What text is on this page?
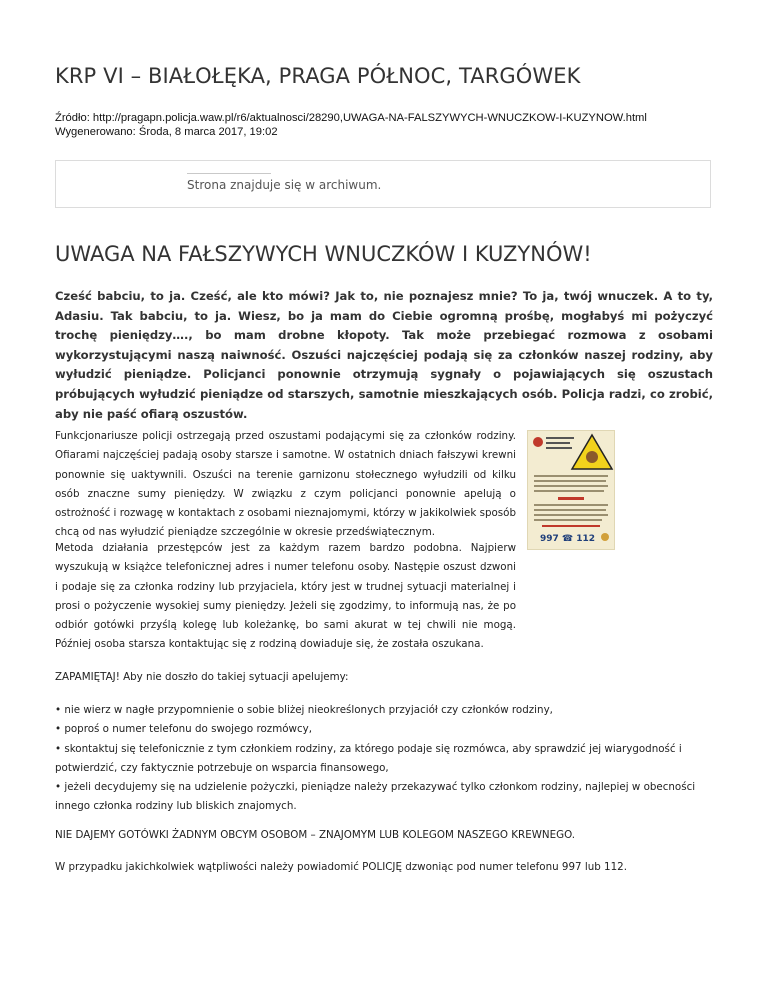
KRP VI – BIAŁOŁĘKA, PRAGA PÓŁNOC, TARGÓWEK
Źródło: http://pragapn.policja.waw.pl/r6/aktualnosci/28290,UWAGA-NA-FALSZYWYCH-WNUCZKOW-I-KUZYNOW.html
Wygenerowano: Środa, 8 marca 2017, 19:02
Strona znajduje się w archiwum.
UWAGA NA FAŁSZYWYCH WNUCZKÓW I KUZYNÓW!

Cześć babciu, to ja. Cześć, ale kto mówi? Jak to, nie poznajesz mnie? To ja, twój wnuczek. A to ty, Adasiu. Tak babciu, to ja. Wiesz, bo ja mam do Ciebie ogromną prośbę, mogłabyś mi pożyczyć trochę pieniędzy…., bo mam drobne kłopoty. Tak może przebiegać rozmowa z osobami wykorzystującymi naszą naiwność. Oszuści najczęściej podają się za członków naszej rodziny, aby wyłudzić pieniądze. Policjanci ponownie otrzymują sygnały o pojawiających się oszustach próbujących wyłudzić pieniądze od starszych, samotnie mieszkających osób. Policja radzi, co zrobić, aby nie paść ofiarą oszustów.

Funkcjonariusze policji ostrzegają przed oszustami podającymi się za członków rodziny. Ofiarami najczęściej padają osoby starsze i samotne. W ostatnich dniach fałszywi krewni ponownie się uaktywnili. Oszuści na terenie garnizonu stołecznego wyłudzili od kilku osób znaczne sumy pieniędzy. W związku z czym policjanci ponownie apelują o ostrożność i rozwagę w kontaktach z osobami nieznajomymi, którzy w jakikolwiek sposób chcą od nas wyłudzić pieniądze szczególnie w okresie przedświątecznym.

997 ☎ 112

Metoda działania przestępców jest za każdym razem bardzo podobna. Najpierw wyszukują w książce telefonicznej adres i numer telefonu osoby. Następie oszust dzwoni i podaje się za członka rodziny lub przyjaciela, który jest w trudnej sytuacji materialnej i prosi o pożyczenie wysokiej sumy pieniędzy. Jeżeli się zgodzimy, to informują nas, że po odbiór gotówki przyślą kolegę lub koleżankę, bo sami akurat w tej chwili nie mogą. Później osoba starsza kontaktując się z rodziną dowiaduje się, że została oszukana.

ZAPAMIĘTAJ! Aby nie doszło do takiej sytuacji apelujemy:

• nie wierz w nagłe przypomnienie o sobie bliżej nieokreślonych przyjaciół czy członków rodziny,
• poproś o numer telefonu do swojego rozmówcy,
• skontaktuj się telefonicznie z tym członkiem rodziny, za którego podaje się rozmówca, aby sprawdzić jej wiarygodność i potwierdzić, czy faktycznie potrzebuje on wsparcia finansowego,
• jeżeli decydujemy się na udzielenie pożyczki, pieniądze należy przekazywać tylko członkom rodziny, najlepiej w obecności innego członka rodziny lub bliskich znajomych.

NIE DAJEMY GOTÓWKI ŻADNYM OBCYM OSOBOM – ZNAJOMYM LUB KOLEGOM NASZEGO KREWNEGO.

W przypadku jakichkolwiek wątpliwości należy powiadomić POLICJĘ dzwoniąc pod numer telefonu 997 lub 112.
